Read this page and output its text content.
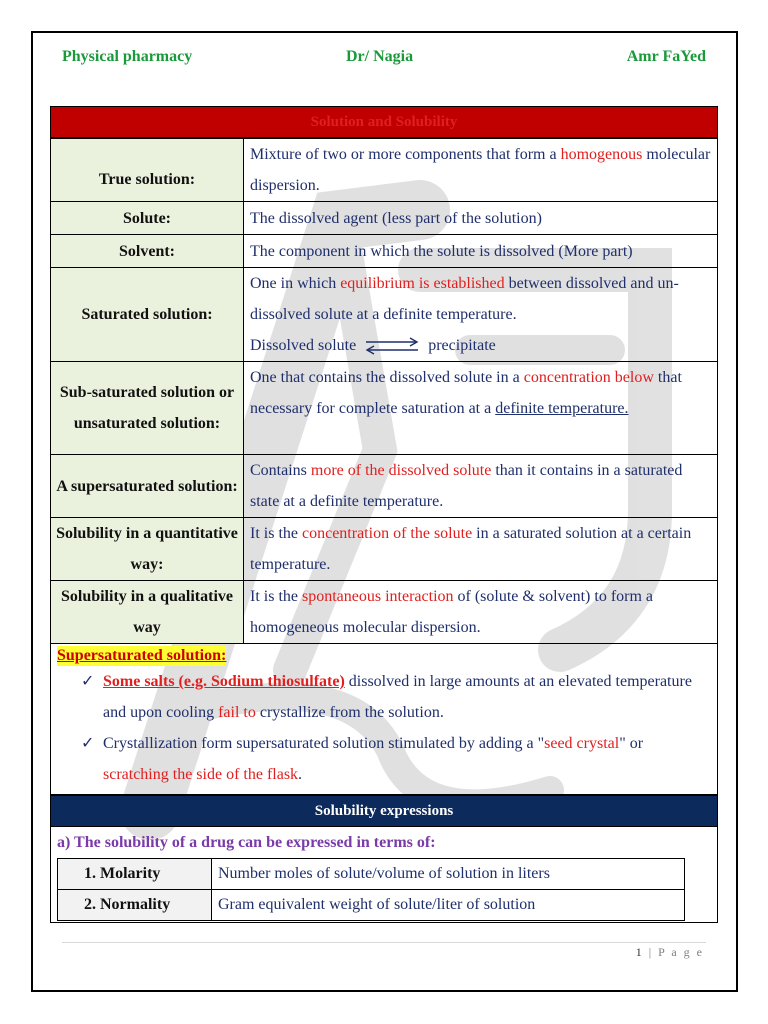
Physical pharmacy	Dr/ Nagia	Amr FaYed
Solution and Solubility
True solution:	Mixture of two or more components that form a homogenous molecular dispersion.
Solute:	The dissolved agent (less part of the solution)
Solvent:	The component in which the solute is dissolved (More part)
Saturated solution:	One in which equilibrium is established between dissolved and un- dissolved solute at a definite temperature.
Dissolved solute ⇌ precipitate
Sub-saturated solution or unsaturated solution:	One that contains the dissolved solute in a concentration below that necessary for complete saturation at a definite temperature.
A supersaturated solution:	Contains more of the dissolved solute than it contains in a saturated state at a definite temperature.
Solubility in a quantitative way:	It is the concentration of the solute in a saturated solution at a certain temperature.
Solubility in a qualitative way	It is the spontaneous interaction of (solute & solvent) to form a homogeneous molecular dispersion.
Supersaturated solution:
✓ Some salts (e.g. Sodium thiosulfate) dissolved in large amounts at an elevated temperature and upon cooling fail to crystallize from the solution.
✓ Crystallization form supersaturated solution stimulated by adding a "seed crystal" or scratching the side of the flask.
Solubility expressions
a) The solubility of a drug can be expressed in terms of:
1. Molarity	Number moles of solute/volume of solution in liters
2. Normality	Gram equivalent weight of solute/liter of solution
1 | P a g e
